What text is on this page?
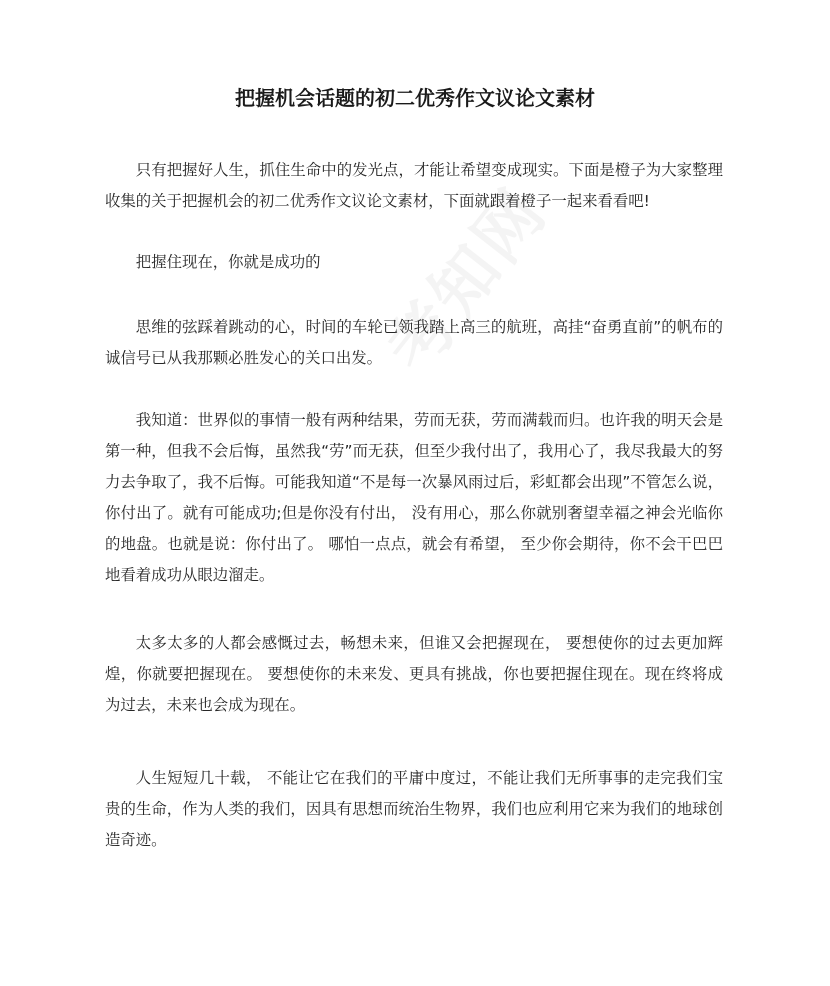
把握机会话题的初二优秀作文议论文素材

只有把握好人生，抓住生命中的发光点，才能让希望变成现实。下面是橙子为大家整理收集的关于把握机会的初二优秀作文议论文素材，下面就跟着橙子一起来看看吧!

把握住现在，你就是成功的

思维的弦踩着跳动的心，时间的车轮已领我踏上高三的航班，高挂“奋勇直前”的帆布的诚信号已从我那颗必胜发心的关口出发。

我知道：世界似的事情一般有两种结果，劳而无获，劳而满载而归。也许我的明天会是第一种，但我不会后悔，虽然我“劳”而无获，但至少我付出了，我用心了，我尽我最大的努力去争取了，我不后悔。可能我知道“不是每一次暴风雨过后，彩虹都会出现”不管怎么说，你付出了。就有可能成功;但是你没有付出， 没有用心，那么你就别奢望幸福之神会光临你的地盘。也就是说：你付出了。 哪怕一点点，就会有希望， 至少你会期待，你不会干巴巴地看着成功从眼边溜走。

太多太多的人都会感慨过去，畅想未来，但谁又会把握现在， 要想使你的过去更加辉煌，你就要把握现在。 要想使你的未来发、更具有挑战，你也要把握住现在。现在终将成为过去，未来也会成为现在。

人生短短几十载， 不能让它在我们的平庸中度过，不能让我们无所事事的走完我们宝贵的生命，作为人类的我们，因具有思想而统治生物界，我们也应利用它来为我们的地球创造奇迹。
